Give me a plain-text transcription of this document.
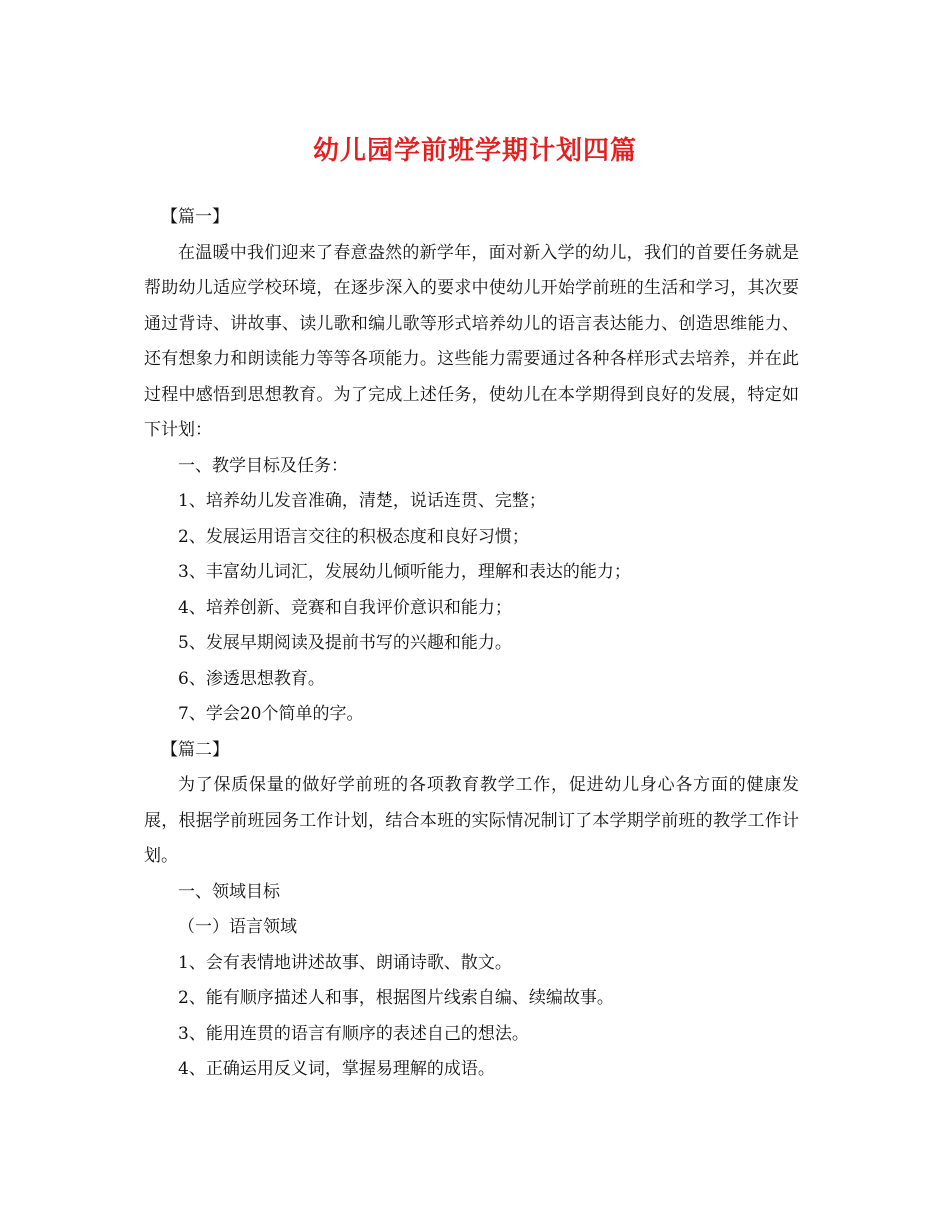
幼儿园学前班学期计划四篇
【篇一】
在温暖中我们迎来了春意盎然的新学年，面对新入学的幼儿，我们的首要任务就是帮助幼儿适应学校环境，在逐步深入的要求中使幼儿开始学前班的生活和学习，其次要通过背诗、讲故事、读儿歌和编儿歌等形式培养幼儿的语言表达能力、创造思维能力、还有想象力和朗读能力等等各项能力。这些能力需要通过各种各样形式去培养，并在此过程中感悟到思想教育。为了完成上述任务，使幼儿在本学期得到良好的发展，特定如下计划：
一、教学目标及任务：
1、培养幼儿发音准确，清楚，说话连贯、完整；
2、发展运用语言交往的积极态度和良好习惯；
3、丰富幼儿词汇，发展幼儿倾听能力，理解和表达的能力；
4、培养创新、竞赛和自我评价意识和能力；
5、发展早期阅读及提前书写的兴趣和能力。
6、渗透思想教育。
7、学会20个简单的字。
【篇二】
为了保质保量的做好学前班的各项教育教学工作，促进幼儿身心各方面的健康发展，根据学前班园务工作计划，结合本班的实际情况制订了本学期学前班的教学工作计划。
一、领域目标
（一）语言领域
1、会有表情地讲述故事、朗诵诗歌、散文。
2、能有顺序描述人和事，根据图片线索自编、续编故事。
3、能用连贯的语言有顺序的表述自己的想法。
4、正确运用反义词，掌握易理解的成语。
